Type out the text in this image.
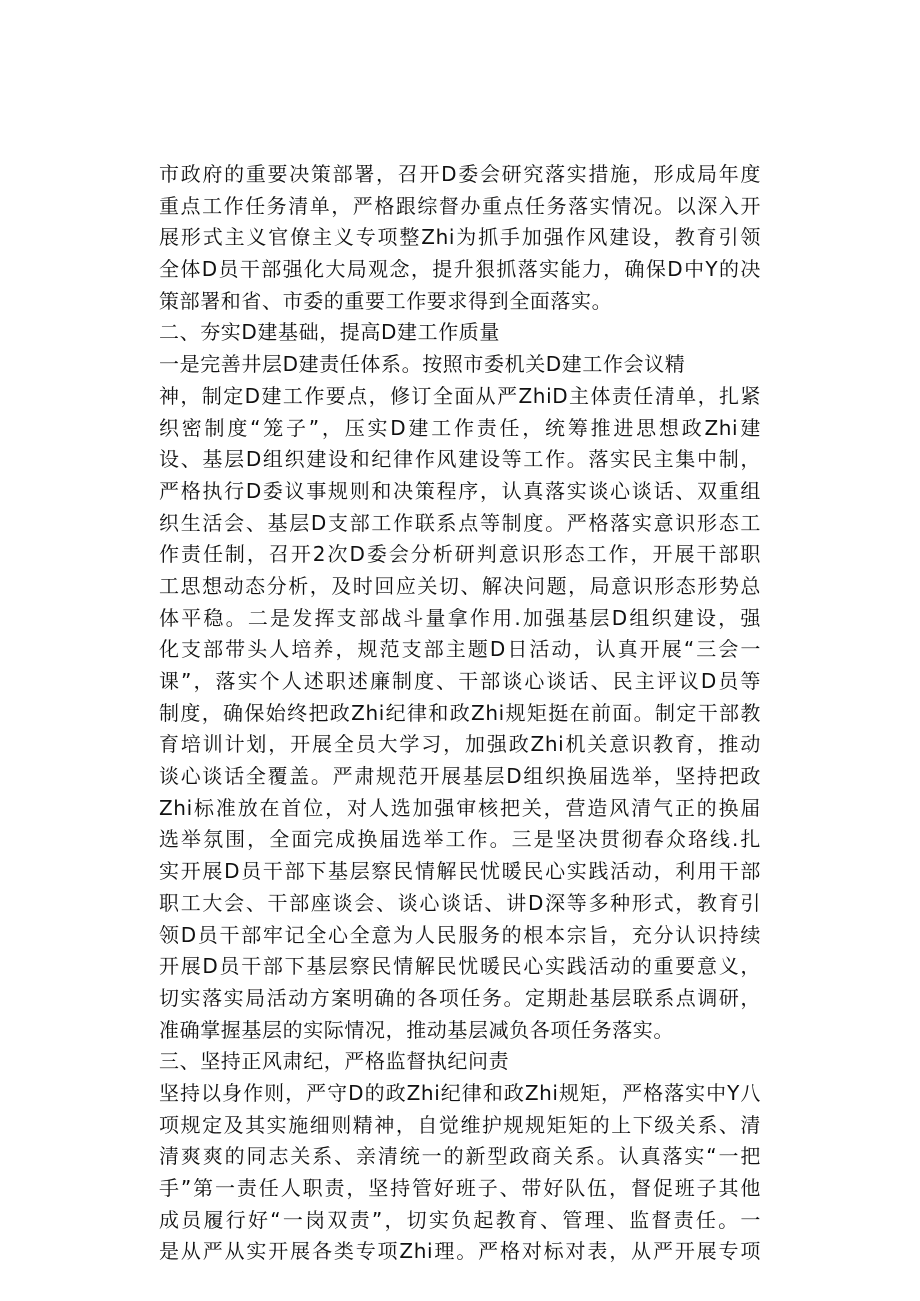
市政府的重要决策部署，召开D委会研究落实措施，形成局年度
重点工作任务清单，严格跟综督办重点任务落实情况。以深入开
展形式主义官僚主义专项整Zhi为抓手加强作风建设，教育引领
全体D员干部强化大局观念，提升狠抓落实能力，确保D中Y的决
策部署和省、市委的重要工作要求得到全面落实。
二、夯实D建基础，提高D建工作质量
一是完善井层D建责任体系。按照市委机关D建工作会议精
神，制定D建工作要点，修订全面从严ZhiD主体责任清单，扎紧
织密制度“笼子”，压实D建工作责任，统筹推进思想政Zhi建
设、基层D组织建设和纪律作风建设等工作。落实民主集中制，
严格执行D委议事规则和决策程序，认真落实谈心谈话、双重组
织生活会、基层D支部工作联系点等制度。严格落实意识形态工
作责任制，召开2次D委会分析研判意识形态工作，开展干部职
工思想动态分析，及时回应关切、解决问题，局意识形态形势总
体平稳。二是发挥支部战斗量拿作用.加强基层D组织建设，强
化支部带头人培养，规范支部主题D日活动，认真开展“三会一
课”，落实个人述职述廉制度、干部谈心谈话、民主评议D员等
制度，确保始终把政Zhi纪律和政Zhi规矩挺在前面。制定干部教
育培训计划，开展全员大学习，加强政Zhi机关意识教育，推动
谈心谈话全覆盖。严肃规范开展基层D组织换届选举，坚持把政
Zhi标准放在首位，对人选加强审核把关，营造风清气正的换届
选举氛围，全面完成换届选举工作。三是坚决贯彻春众珞线.扎
实开展D员干部下基层察民情解民忧暖民心实践活动，利用干部
职工大会、干部座谈会、谈心谈话、讲D深等多种形式，教育引
领D员干部牢记全心全意为人民服务的根本宗旨，充分认识持续
开展D员干部下基层察民情解民忧暖民心实践活动的重要意义，
切实落实局活动方案明确的各项任务。定期赴基层联系点调研，
准确掌握基层的实际情况，推动基层减负各项任务落实。
三、坚持正风肃纪，严格监督执纪问责
坚持以身作则，严守D的政Zhi纪律和政Zhi规矩，严格落实中Y八
项规定及其实施细则精神，自觉维护规规矩矩的上下级关系、清
清爽爽的同志关系、亲清统一的新型政商关系。认真落实“一把
手”第一责任人职责，坚持管好班子、带好队伍，督促班子其他
成员履行好“一岗双责”，切实负起教育、管理、监督责任。一
是从严从实开展各类专项Zhi理。严格对标对表，从严开展专项
